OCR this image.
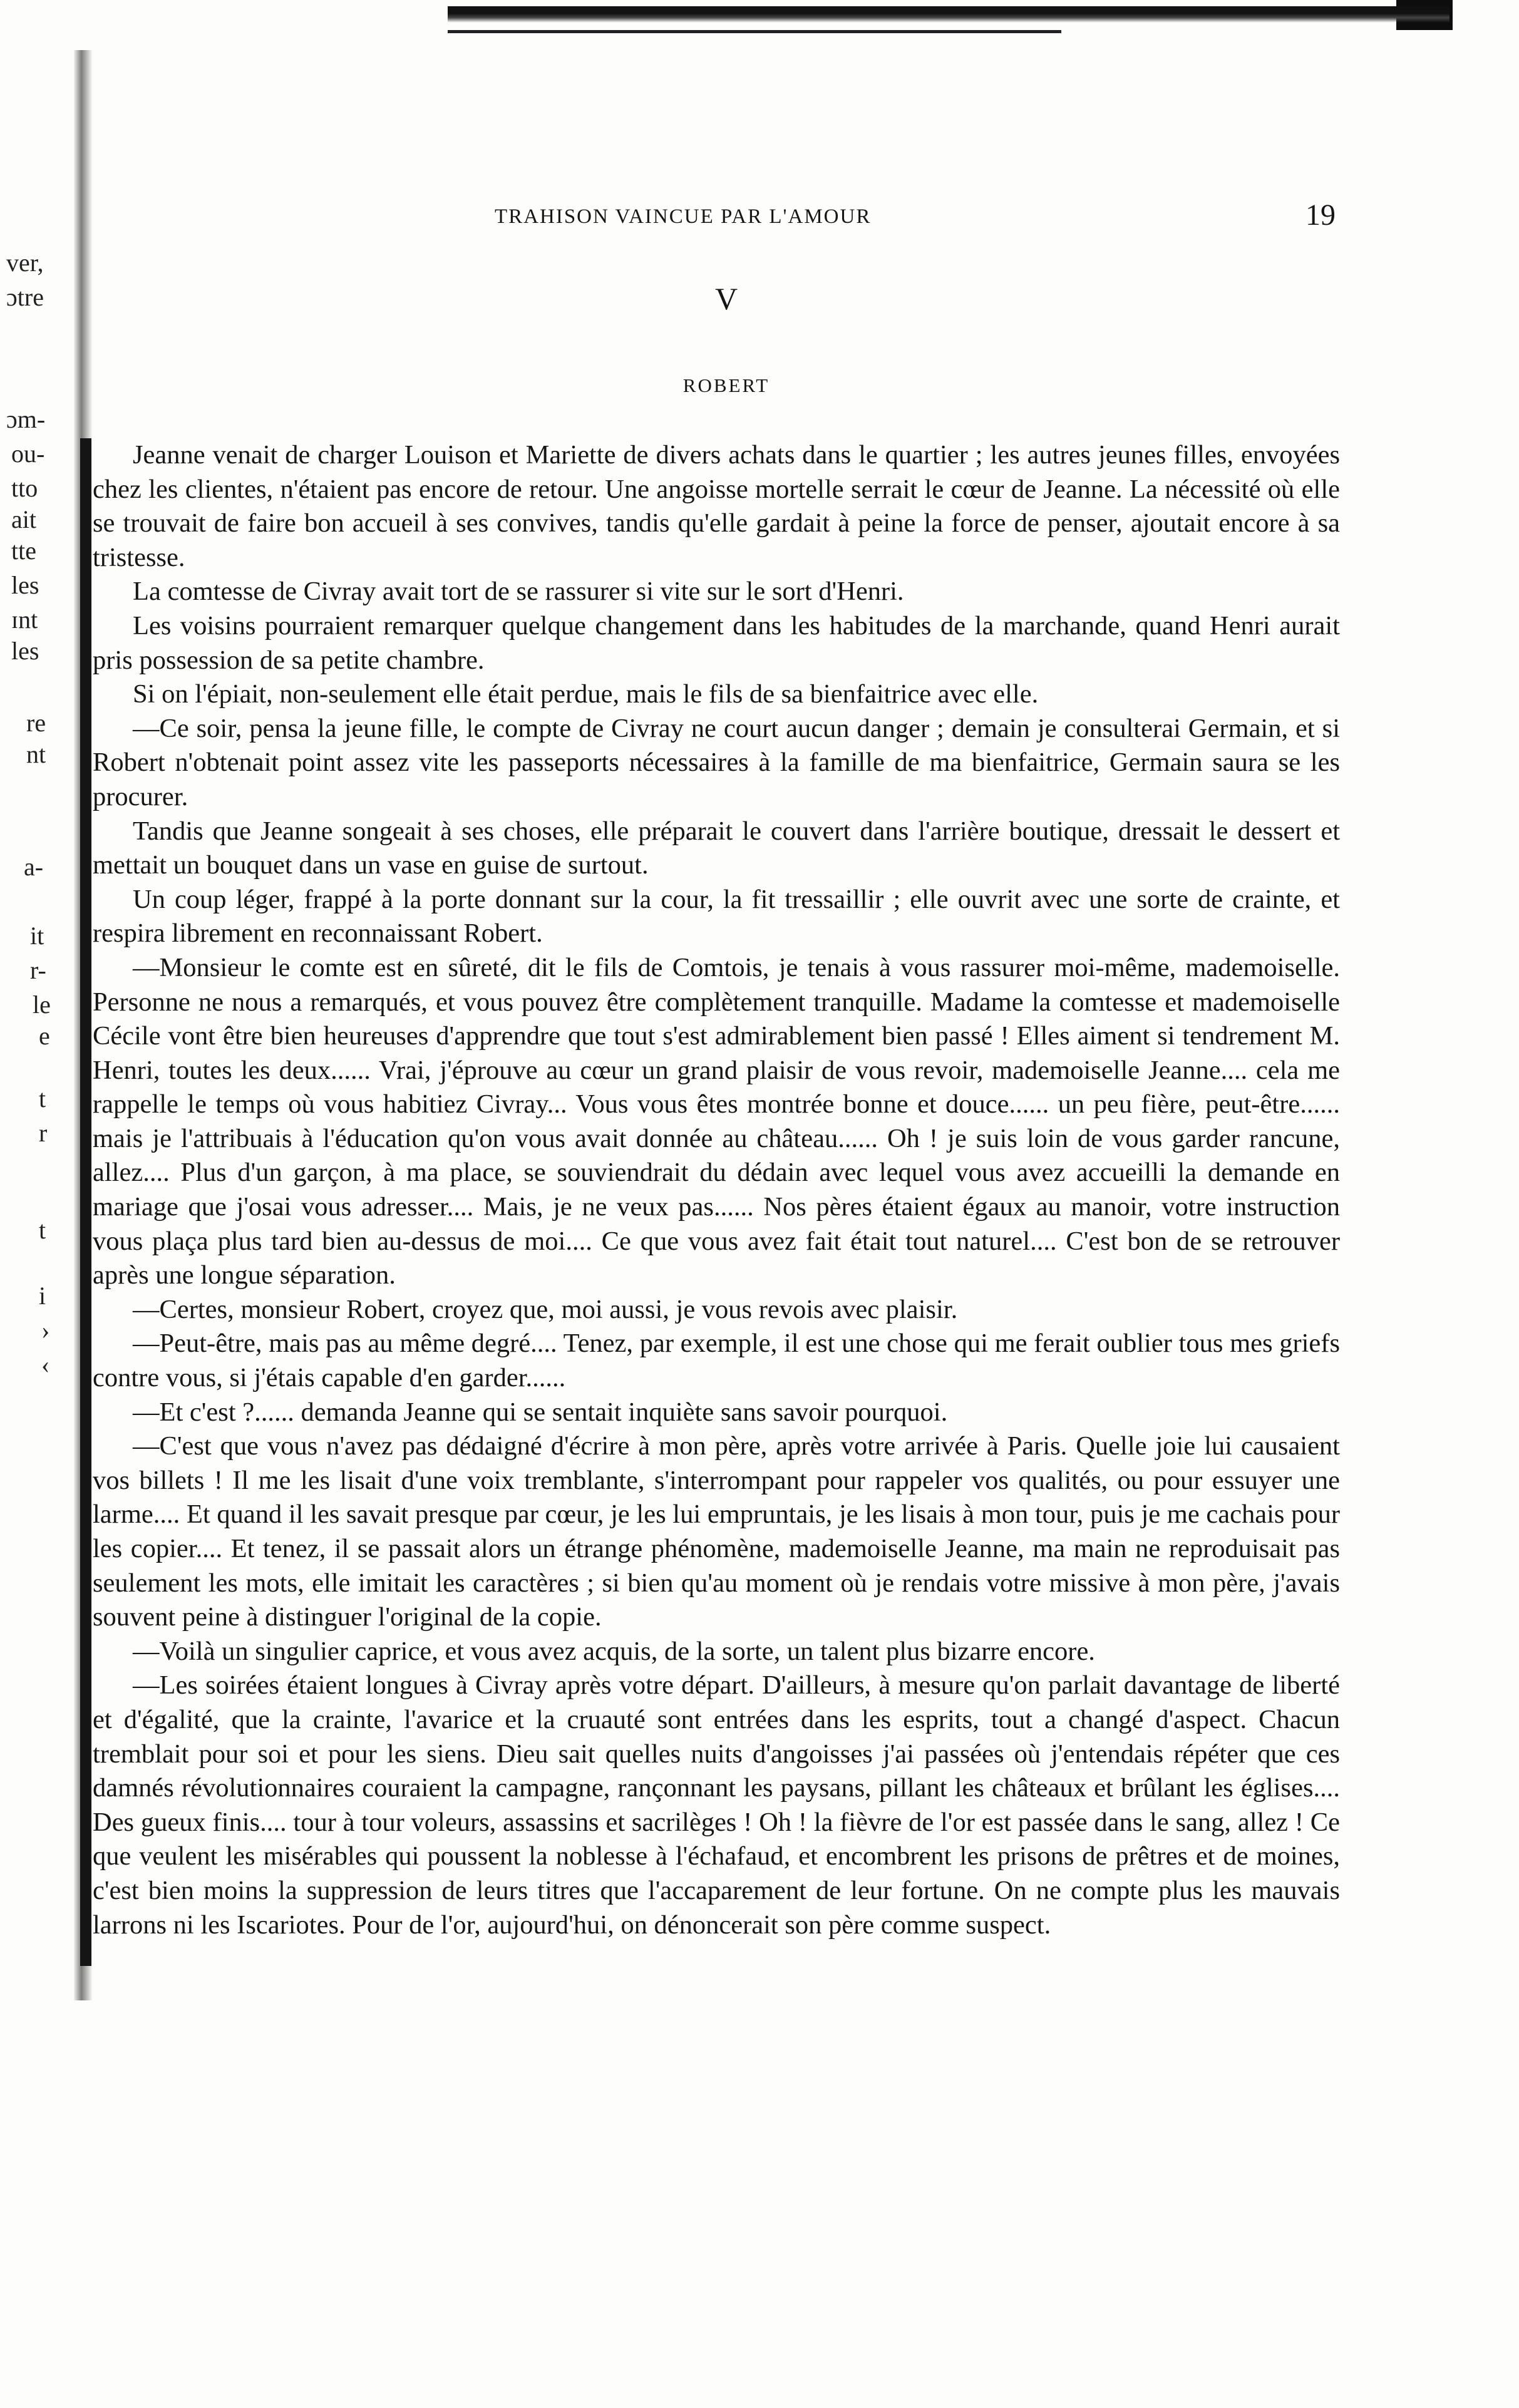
ver,
ɔtre
ɔm-
ou-
tto
ait
tte
les
ɪnt
les
re
nt
a-
it
r-
le
e
t
r
t
i
›
‹
TRAHISON VAINCUE PAR L'AMOUR	19
V
ROBERT

Jeanne venait de charger Louison et Mariette de divers achats dans le quartier ; les autres jeunes filles, envoyées chez les clientes, n'étaient pas encore de retour. Une angoisse mortelle serrait le cœur de Jeanne. La nécessité où elle se trouvait de faire bon accueil à ses convives, tandis qu'elle gardait à peine la force de penser, ajoutait encore à sa tristesse.

La comtesse de Civray avait tort de se rassurer si vite sur le sort d'Henri.

Les voisins pourraient remarquer quelque changement dans les habitudes de la marchande, quand Henri aurait pris possession de sa petite chambre.

Si on l'épiait, non-seulement elle était perdue, mais le fils de sa bienfaitrice avec elle.

—Ce soir, pensa la jeune fille, le compte de Civray ne court aucun danger ; demain je consulterai Germain, et si Robert n'obtenait point assez vite les passeports nécessaires à la famille de ma bienfaitrice, Germain saura se les procurer.

Tandis que Jeanne songeait à ses choses, elle préparait le couvert dans l'arrière boutique, dressait le dessert et mettait un bouquet dans un vase en guise de surtout.

Un coup léger, frappé à la porte donnant sur la cour, la fit tressaillir ; elle ouvrit avec une sorte de crainte, et respira librement en reconnaissant Robert.

—Monsieur le comte est en sûreté, dit le fils de Comtois, je tenais à vous rassurer moi-même, mademoiselle. Personne ne nous a remarqués, et vous pouvez être complètement tranquille. Madame la comtesse et mademoiselle Cécile vont être bien heureuses d'apprendre que tout s'est admirablement bien passé ! Elles aiment si tendrement M. Henri, toutes les deux...... Vrai, j'éprouve au cœur un grand plaisir de vous revoir, mademoiselle Jeanne.... cela me rappelle le temps où vous habitiez Civray... Vous vous êtes montrée bonne et douce...... un peu fière, peut-être...... mais je l'attribuais à l'éducation qu'on vous avait donnée au château...... Oh ! je suis loin de vous garder rancune, allez.... Plus d'un garçon, à ma place, se souviendrait du dédain avec lequel vous avez accueilli la demande en mariage que j'osai vous adresser.... Mais, je ne veux pas...... Nos pères étaient égaux au manoir, votre instruction vous plaça plus tard bien au-dessus de moi.... Ce que vous avez fait était tout naturel.... C'est bon de se retrouver après une longue séparation.

—Certes, monsieur Robert, croyez que, moi aussi, je vous revois avec plaisir.

—Peut-être, mais pas au même degré.... Tenez, par exemple, il est une chose qui me ferait oublier tous mes griefs contre vous, si j'étais capable d'en garder......

—Et c'est ?...... demanda Jeanne qui se sentait inquiète sans savoir pourquoi.

—C'est que vous n'avez pas dédaigné d'écrire à mon père, après votre arrivée à Paris. Quelle joie lui causaient vos billets ! Il me les lisait d'une voix tremblante, s'interrompant pour rappeler vos qualités, ou pour essuyer une larme.... Et quand il les savait presque par cœur, je les lui empruntais, je les lisais à mon tour, puis je me cachais pour les copier.... Et tenez, il se passait alors un étrange phénomène, mademoiselle Jeanne, ma main ne reproduisait pas seulement les mots, elle imitait les caractères ; si bien qu'au moment où je rendais votre missive à mon père, j'avais souvent peine à distinguer l'original de la copie.

—Voilà un singulier caprice, et vous avez acquis, de la sorte, un talent plus bizarre encore.

—Les soirées étaient longues à Civray après votre départ. D'ailleurs, à mesure qu'on parlait davantage de liberté et d'égalité, que la crainte, l'avarice et la cruauté sont entrées dans les esprits, tout a changé d'aspect. Chacun tremblait pour soi et pour les siens. Dieu sait quelles nuits d'angoisses j'ai passées où j'entendais répéter que ces damnés révolutionnaires couraient la campagne, rançonnant les paysans, pillant les châteaux et brûlant les églises.... Des gueux finis.... tour à tour voleurs, assassins et sacrilèges ! Oh ! la fièvre de l'or est passée dans le sang, allez ! Ce que veulent les misérables qui poussent la noblesse à l'échafaud, et encombrent les prisons de prêtres et de moines, c'est bien moins la suppression de leurs titres que l'accaparement de leur fortune. On ne compte plus les mauvais larrons ni les Iscariotes. Pour de l'or, aujourd'hui, on dénoncerait son père comme suspect.
